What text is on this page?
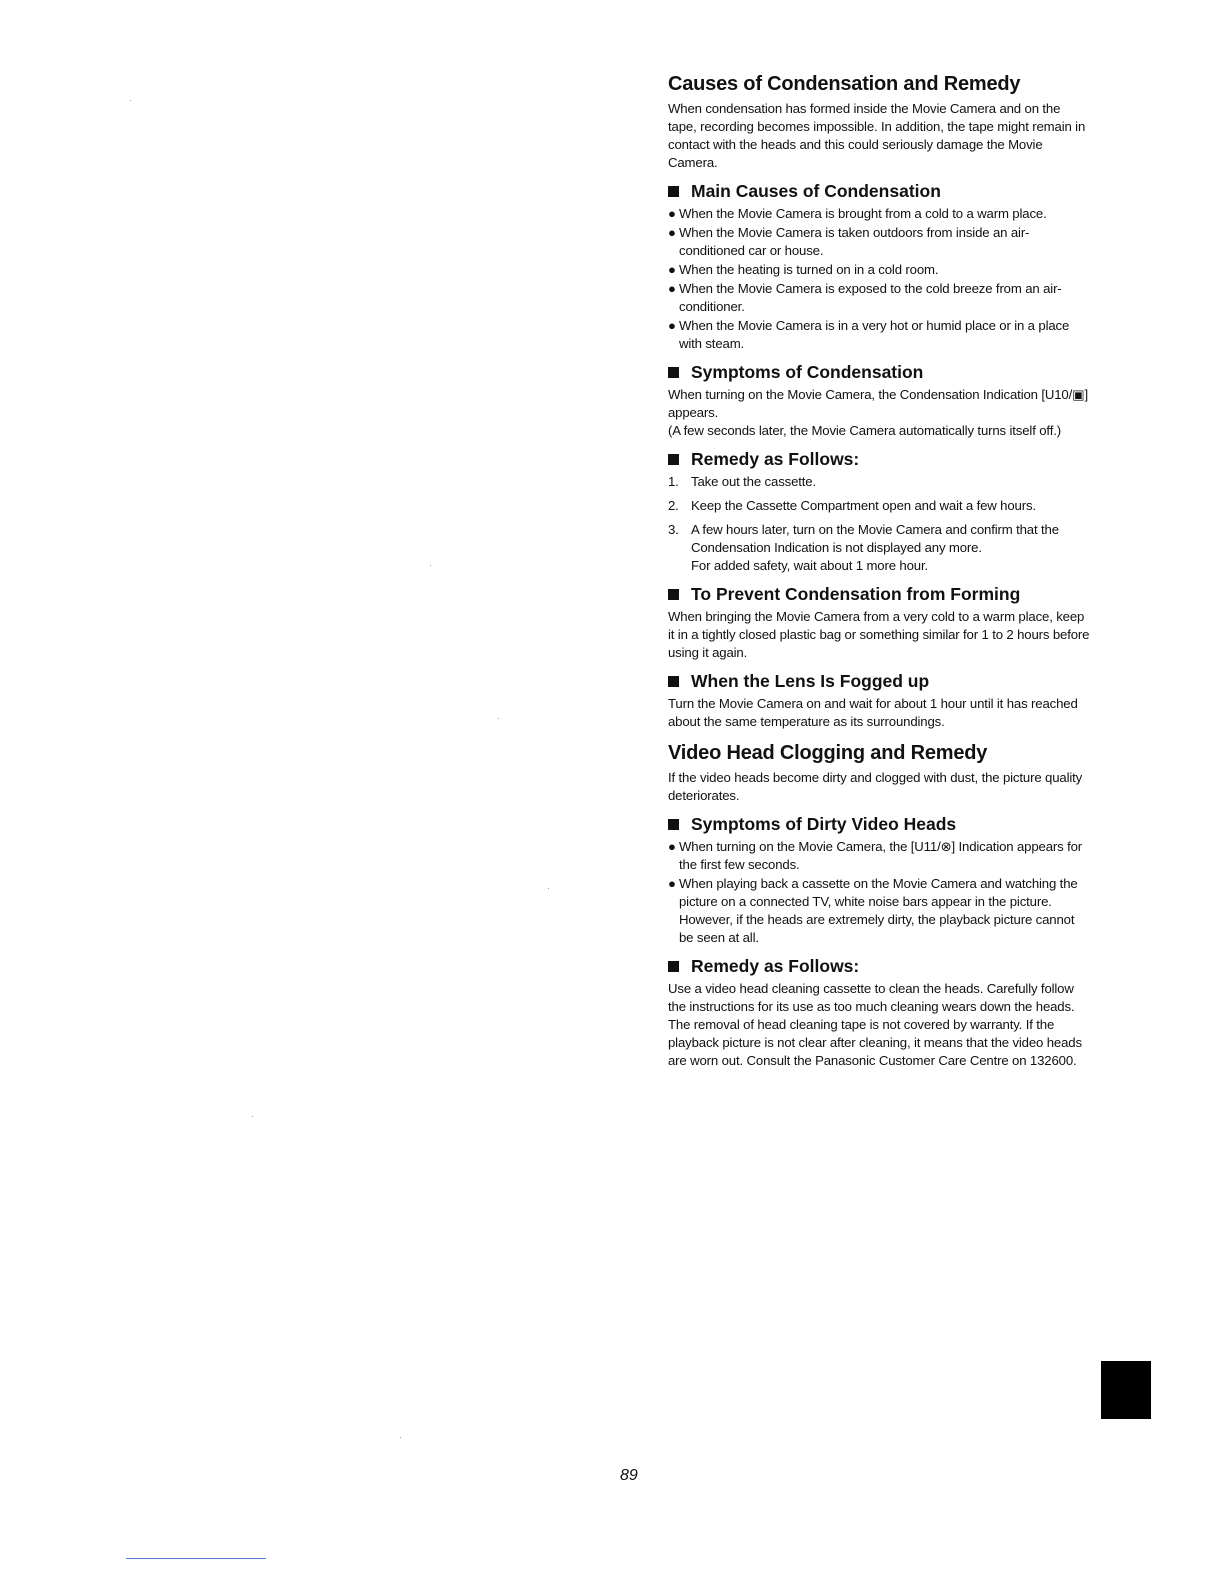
Causes of Condensation and Remedy

When condensation has formed inside the Movie Camera and on the tape, recording becomes impossible. In addition, the tape might remain in contact with the heads and this could seriously damage the Movie Camera.

Main Causes of Condensation
● When the Movie Camera is brought from a cold to a warm place.
● When the Movie Camera is taken outdoors from inside an air-conditioned car or house.
● When the heating is turned on in a cold room.
● When the Movie Camera is exposed to the cold breeze from an air-conditioner.
● When the Movie Camera is in a very hot or humid place or in a place with steam.
Symptoms of Condensation

When turning on the Movie Camera, the Condensation Indication [U10/▣] appears.

(A few seconds later, the Movie Camera automatically turns itself off.)

Remedy as Follows:
1. Take out the cassette.
2. Keep the Cassette Compartment open and wait a few hours.
3. A few hours later, turn on the Movie Camera and confirm that the Condensation Indication is not displayed any more.
For added safety, wait about 1 more hour.
To Prevent Condensation from Forming

When bringing the Movie Camera from a very cold to a warm place, keep it in a tightly closed plastic bag or something similar for 1 to 2 hours before using it again.

When the Lens Is Fogged up

Turn the Movie Camera on and wait for about 1 hour until it has reached about the same temperature as its surroundings.

Video Head Clogging and Remedy

If the video heads become dirty and clogged with dust, the picture quality deteriorates.

Symptoms of Dirty Video Heads
● When turning on the Movie Camera, the [U11/⊗] Indication appears for the first few seconds.
● When playing back a cassette on the Movie Camera and watching the picture on a connected TV, white noise bars appear in the picture. However, if the heads are extremely dirty, the playback picture cannot be seen at all.
Remedy as Follows:

Use a video head cleaning cassette to clean the heads. Carefully follow the instructions for its use as too much cleaning wears down the heads. The removal of head cleaning tape is not covered by warranty. If the playback picture is not clear after cleaning, it means that the video heads are worn out. Consult the Panasonic Customer Care Centre on 132600.

89
